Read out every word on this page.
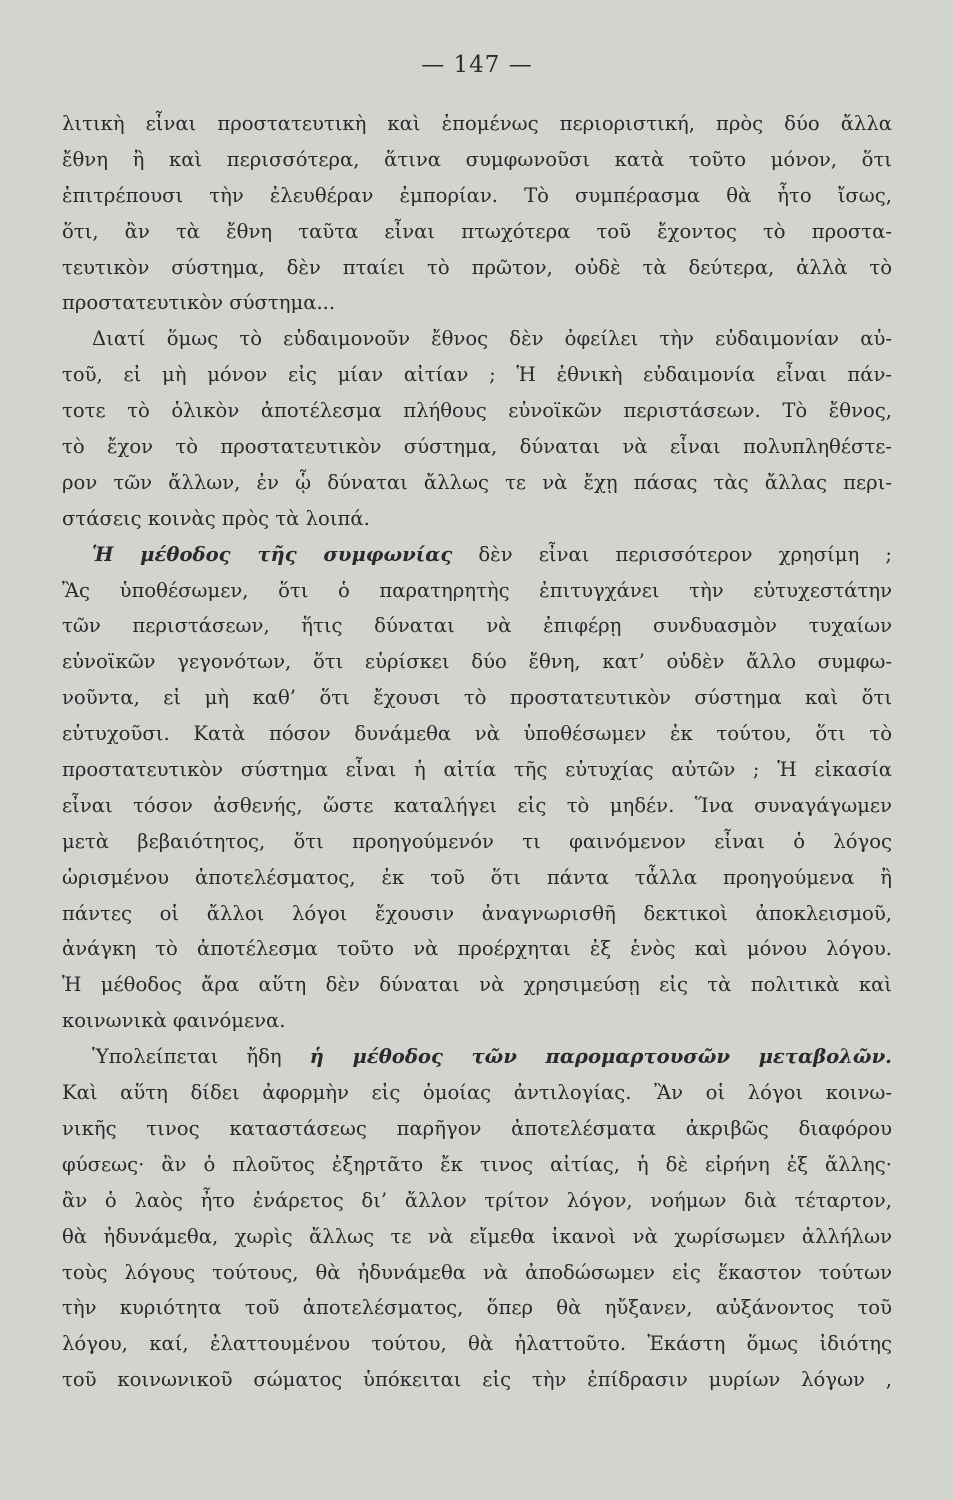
— 147 —
λιτικὴ εἶναι προστατευτικὴ καὶ ἑπομένως περιοριστική, πρὸς δύο ἄλλα
ἔθνη ἢ καὶ περισσότερα, ἅτινα συμφωνοῦσι κατὰ τοῦτο μόνον, ὅτι
ἐπιτρέπουσι τὴν ἐλευθέραν ἐμπορίαν. Τὸ συμπέρασμα θὰ ἦτο ἴσως,
ὅτι, ἂν τὰ ἔθνη ταῦτα εἶναι πτωχότερα τοῦ ἔχοντος τὸ προστα-
τευτικὸν σύστημα, δὲν πταίει τὸ πρῶτον, οὐδὲ τὰ δεύτερα, ἀλλὰ τὸ
προστατευτικὸν σύστημα...
Διατί ὅμως τὸ εὐδαιμονοῦν ἔθνος δὲν ὀφείλει τὴν εὐδαιμονίαν αὐ-
τοῦ, εἰ μὴ μόνον εἰς μίαν αἰτίαν ; Ἡ ἐθνικὴ εὐδαιμονία εἶναι πάν-
τοτε τὸ ὁλικὸν ἀποτέλεσμα πλήθους εὐνοϊκῶν περιστάσεων. Τὸ ἔθνος,
τὸ ἔχον τὸ προστατευτικὸν σύστημα, δύναται νὰ εἶναι πολυπληθέστε-
ρον τῶν ἄλλων, ἐν ᾧ δύναται ἄλλως τε νὰ ἔχῃ πάσας τὰς ἄλλας περι-
στάσεις κοινὰς πρὸς τὰ λοιπά.
Ἡ μέθοδος τῆς συμφωνίας δὲν εἶναι περισσότερον χρησίμη ;
Ἂς ὑποθέσωμεν, ὅτι ὁ παρατηρητὴς ἐπιτυγχάνει τὴν εὐτυχεστάτην
τῶν περιστάσεων, ἥτις δύναται νὰ ἐπιφέρῃ συνδυασμὸν τυχαίων
εὐνοϊκῶν γεγονότων, ὅτι εὑρίσκει δύο ἔθνη, κατ’ οὐδὲν ἄλλο συμφω-
νοῦντα, εἰ μὴ καθ’ ὅτι ἔχουσι τὸ προστατευτικὸν σύστημα καὶ ὅτι
εὐτυχοῦσι. Κατὰ πόσον δυνάμεθα νὰ ὑποθέσωμεν ἐκ τούτου, ὅτι τὸ
προστατευτικὸν σύστημα εἶναι ἡ αἰτία τῆς εὐτυχίας αὐτῶν ; Ἡ εἰκασία
εἶναι τόσον ἀσθενής, ὥστε καταλήγει εἰς τὸ μηδέν. Ἵνα συναγάγωμεν
μετὰ βεβαιότητος, ὅτι προηγούμενόν τι φαινόμενον εἶναι ὁ λόγος
ὡρισμένου ἀποτελέσματος, ἐκ τοῦ ὅτι πάντα τἆλλα προηγούμενα ἢ
πάντες οἱ ἄλλοι λόγοι ἔχουσιν ἀναγνωρισθῆ δεκτικοὶ ἀποκλεισμοῦ,
ἀνάγκη τὸ ἀποτέλεσμα τοῦτο νὰ προέρχηται ἐξ ἑνὸς καὶ μόνου λόγου.
Ἡ μέθοδος ἄρα αὕτη δὲν δύναται νὰ χρησιμεύσῃ εἰς τὰ πολιτικὰ καὶ
κοινωνικὰ φαινόμενα.
Ὑπολείπεται ἤδη ἡ μέθοδος τῶν παρομαρτουσῶν μεταβολῶν.
Καὶ αὕτη δίδει ἀφορμὴν εἰς ὁμοίας ἀντιλογίας. Ἂν οἱ λόγοι κοινω-
νικῆς τινος καταστάσεως παρῆγον ἀποτελέσματα ἀκριβῶς διαφόρου
φύσεως· ἂν ὁ πλοῦτος ἐξηρτᾶτο ἔκ τινος αἰτίας, ἡ δὲ εἰρήνη ἐξ ἄλλης·
ἂν ὁ λαὸς ἦτο ἐνάρετος δι’ ἄλλον τρίτον λόγον, νοήμων διὰ τέταρτον,
θὰ ἠδυνάμεθα, χωρὶς ἄλλως τε νὰ εἴμεθα ἱκανοὶ νὰ χωρίσωμεν ἀλλήλων
τοὺς λόγους τούτους, θὰ ἠδυνάμεθα νὰ ἀποδώσωμεν εἰς ἕκαστον τούτων
τὴν κυριότητα τοῦ ἀποτελέσματος, ὅπερ θὰ ηὔξανεν, αὐξάνοντος τοῦ
λόγου, καί, ἐλαττουμένου τούτου, θὰ ἠλαττοῦτο. Ἑκάστη ὅμως ἰδιότης
τοῦ κοινωνικοῦ σώματος ὑπόκειται εἰς τὴν ἐπίδρασιν μυρίων λόγων ,
